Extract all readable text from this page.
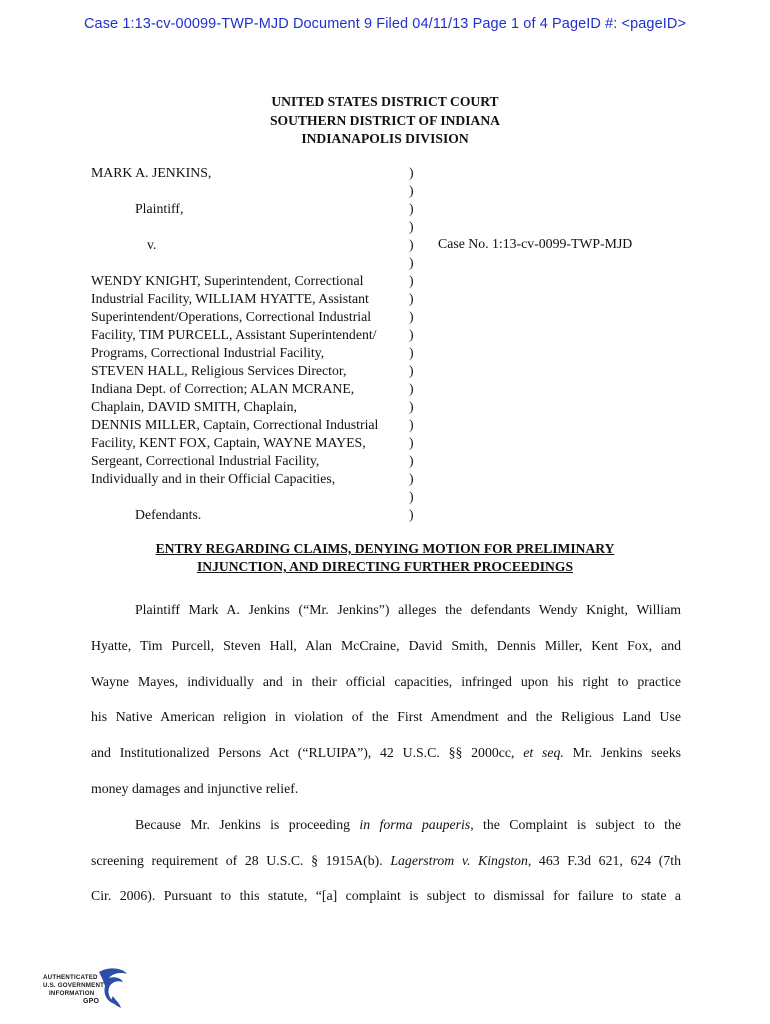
Case 1:13-cv-00099-TWP-MJD Document 9 Filed 04/11/13 Page 1 of 4 PageID #: <pageID>
UNITED STATES DISTRICT COURT
SOUTHERN DISTRICT OF INDIANA
INDIANAPOLIS DIVISION
MARK A. JENKINS,	)
)
Plaintiff,	)
)
v.	)
)
WENDY KNIGHT, Superintendent, Correctional	)
Industrial Facility, WILLIAM HYATTE, Assistant	)
Superintendent/Operations, Correctional Industrial	)
Facility, TIM PURCELL, Assistant Superintendent/ )
Programs, Correctional Industrial Facility,	)
STEVEN HALL, Religious Services Director,	)
Indiana Dept. of Correction; ALAN MCRANE,	)
Chaplain, DAVID SMITH, Chaplain,	)
DENNIS MILLER, Captain, Correctional Industrial )
Facility, KENT FOX, Captain, WAYNE MAYES,	)
Sergeant, Correctional Industrial Facility,	)
Individually and in their Official Capacities,	)
)
Defendants.	)
Case No. 1:13-cv-0099-TWP-MJD
ENTRY REGARDING CLAIMS, DENYING MOTION FOR PRELIMINARY
INJUNCTION, AND DIRECTING FURTHER PROCEEDINGS
Plaintiff Mark A. Jenkins (“Mr. Jenkins”) alleges the defendants Wendy Knight, William
Hyatte, Tim Purcell, Steven Hall, Alan McCraine, David Smith, Dennis Miller, Kent Fox, and
Wayne Mayes, individually and in their official capacities, infringed upon his right to practice
his Native American religion in violation of the First Amendment and the Religious Land Use
and Institutionalized Persons Act (“RLUIPA”), 42 U.S.C. §§ 2000cc, et seq. Mr. Jenkins seeks
money damages and injunctive relief.
Because Mr. Jenkins is proceeding in forma pauperis, the Complaint is subject to the
screening requirement of 28 U.S.C. § 1915A(b). Lagerstrom v. Kingston, 463 F.3d 621, 624 (7th
Cir. 2006). Pursuant to this statute, “[a] complaint is subject to dismissal for failure to state a
AUTHENTICATED
U.S. GOVERNMENT
INFORMATION
GPO
